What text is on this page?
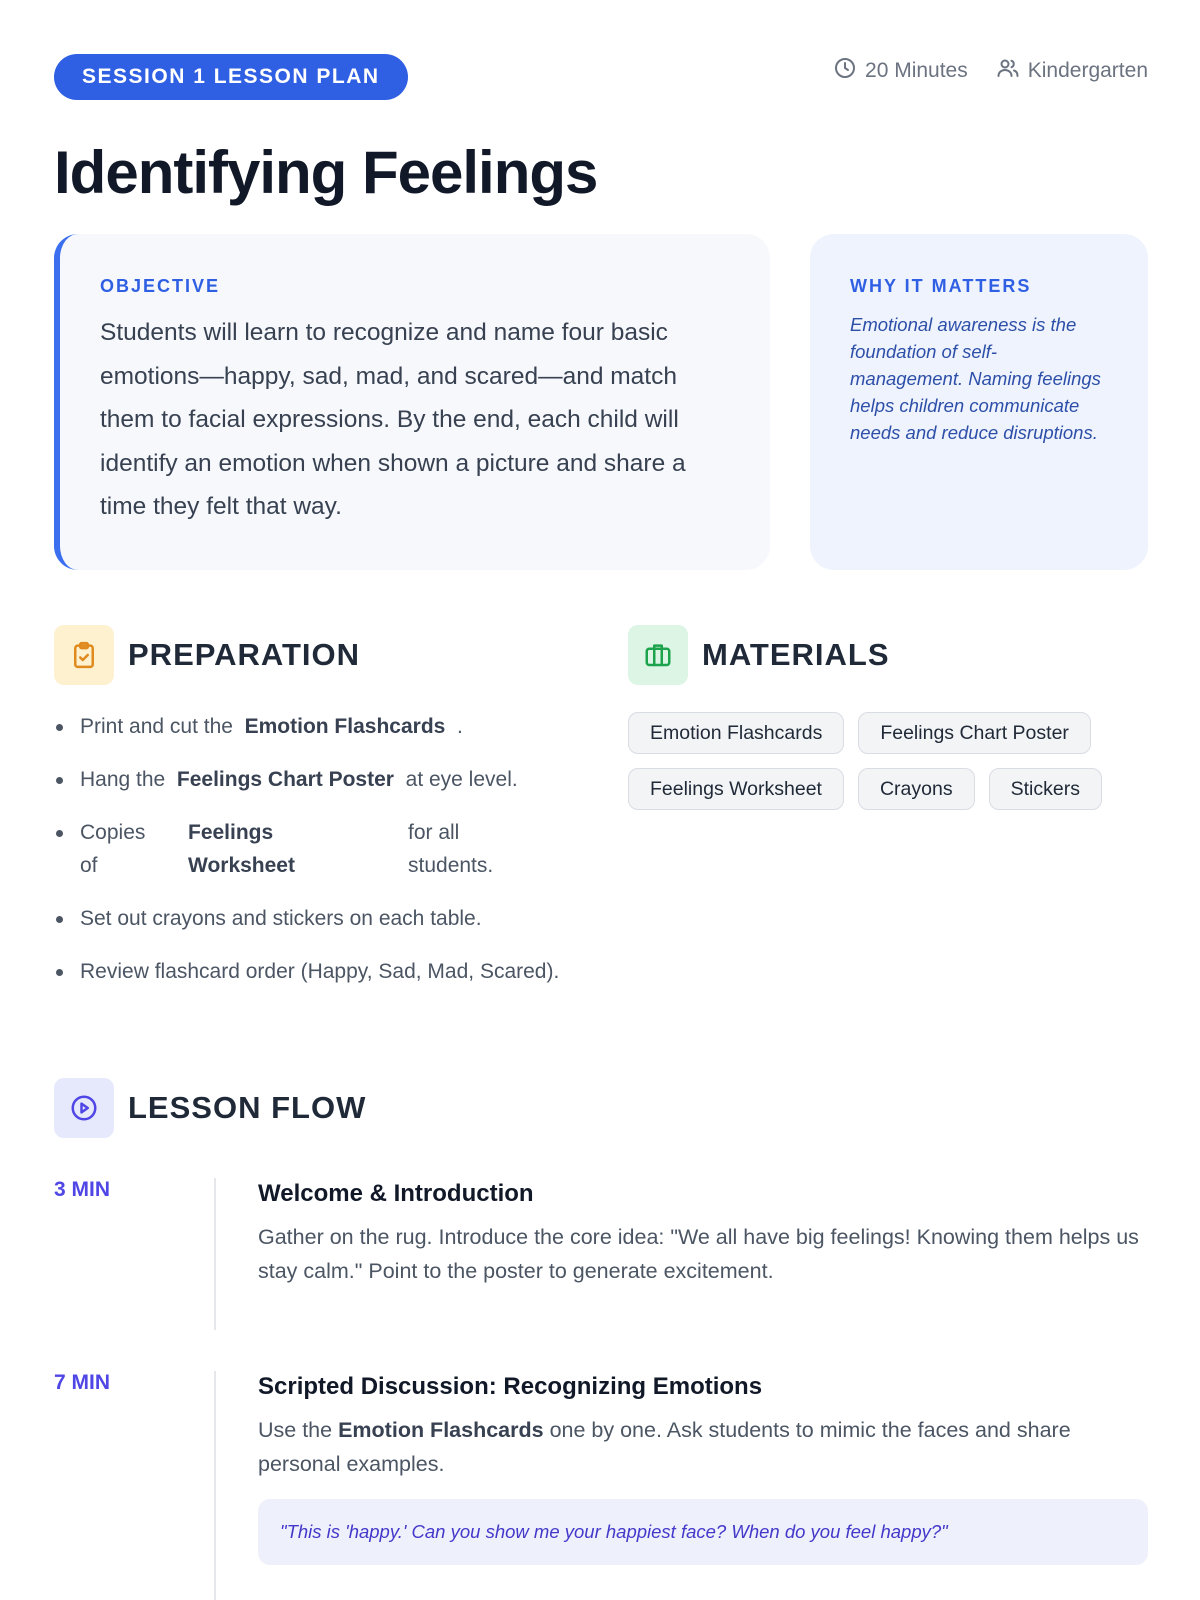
SESSION 1 LESSON PLAN	20 Minutes	Kindergarten
Identifying Feelings
OBJECTIVE

Students will learn to recognize and name four basic emotions—happy, sad, mad, and scared—and match them to facial expressions. By the end, each child will identify an emotion when shown a picture and share a time they felt that way.

WHY IT MATTERS

Emotional awareness is the foundation of self-management. Naming feelings helps children communicate needs and reduce disruptions.

PREPARATION
Print and cut the Emotion Flashcards .
Hang the Feelings Chart Poster at eye level.
Copies
of
Feelings
Worksheet
for all
students.
Set out crayons and stickers on each table.
Review flashcard order (Happy, Sad, Mad, Scared).
MATERIALS
Emotion Flashcards	Feelings Chart Poster
Feelings Worksheet	Crayons	Stickers
LESSON FLOW
3 MIN	Welcome & Introduction

Gather on the rug. Introduce the core idea: "We all have big feelings! Knowing them helps us stay calm." Point to the poster to generate excitement.

7 MIN	Scripted Discussion: Recognizing Emotions

Use the Emotion Flashcards one by one. Ask students to mimic the faces and share personal examples.

"This is 'happy.' Can you show me your happiest face? When do you feel happy?"
